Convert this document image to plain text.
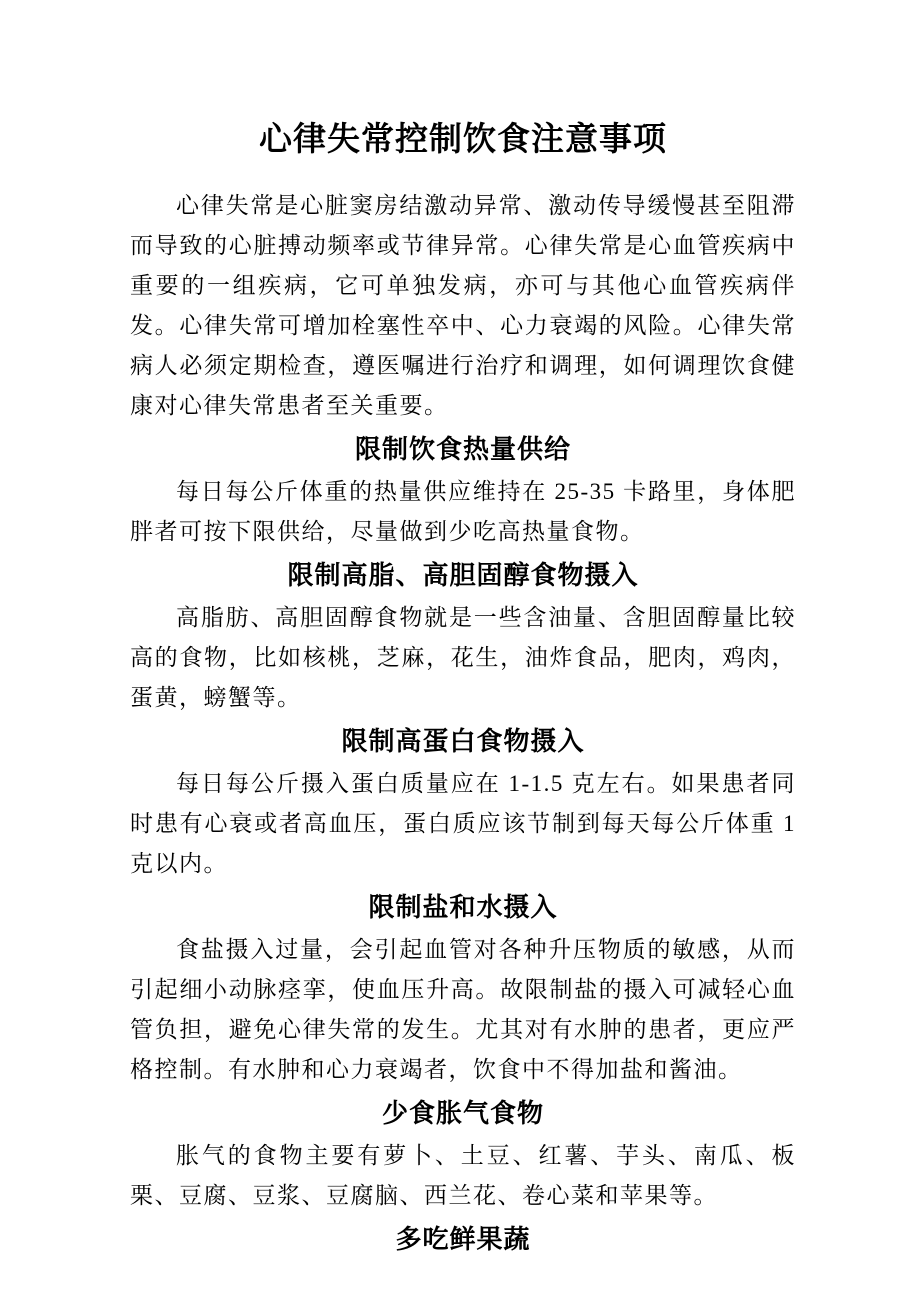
心律失常控制饮食注意事项

心律失常是心脏窦房结激动异常、激动传导缓慢甚至阻滞而导致的心脏搏动频率或节律异常。心律失常是心血管疾病中重要的一组疾病，它可单独发病，亦可与其他心血管疾病伴发。心律失常可增加栓塞性卒中、心力衰竭的风险。心律失常病人必须定期检查，遵医嘱进行治疗和调理，如何调理饮食健康对心律失常患者至关重要。

限制饮食热量供给

每日每公斤体重的热量供应维持在 25-35 卡路里，身体肥胖者可按下限供给，尽量做到少吃高热量食物。

限制高脂、高胆固醇食物摄入

高脂肪、高胆固醇食物就是一些含油量、含胆固醇量比较高的食物，比如核桃，芝麻，花生，油炸食品，肥肉，鸡肉，蛋黄，螃蟹等。

限制高蛋白食物摄入

每日每公斤摄入蛋白质量应在 1-1.5 克左右。如果患者同时患有心衰或者高血压，蛋白质应该节制到每天每公斤体重 1 克以内。

限制盐和水摄入

食盐摄入过量，会引起血管对各种升压物质的敏感，从而引起细小动脉痉挛，使血压升高。故限制盐的摄入可减轻心血管负担，避免心律失常的发生。尤其对有水肿的患者，更应严格控制。有水肿和心力衰竭者，饮食中不得加盐和酱油。

少食胀气食物

胀气的食物主要有萝卜、土豆、红薯、芋头、南瓜、板栗、豆腐、豆浆、豆腐脑、西兰花、卷心菜和苹果等。

多吃鲜果蔬
